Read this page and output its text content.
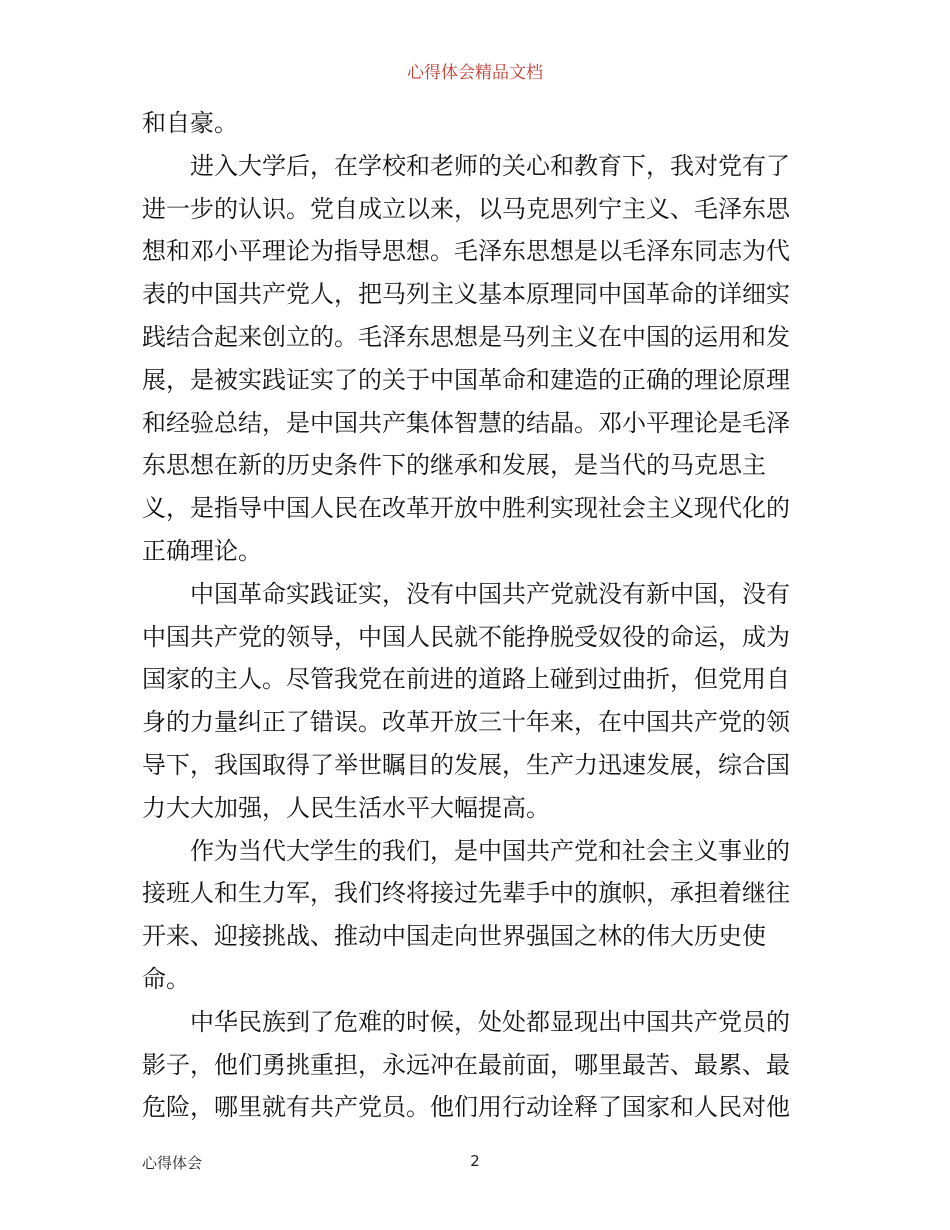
心得体会精品文档
和自豪。
　　进入大学后，在学校和老师的关心和教育下，我对党有了
进一步的认识。党自成立以来，以马克思列宁主义、毛泽东思
想和邓小平理论为指导思想。毛泽东思想是以毛泽东同志为代
表的中国共产党人，把马列主义基本原理同中国革命的详细实
践结合起来创立的。毛泽东思想是马列主义在中国的运用和发
展，是被实践证实了的关于中国革命和建造的正确的理论原理
和经验总结，是中国共产集体智慧的结晶。邓小平理论是毛泽
东思想在新的历史条件下的继承和发展，是当代的马克思主
义，是指导中国人民在改革开放中胜利实现社会主义现代化的
正确理论。
　　中国革命实践证实，没有中国共产党就没有新中国，没有
中国共产党的领导，中国人民就不能挣脱受奴役的命运，成为
国家的主人。尽管我党在前进的道路上碰到过曲折，但党用自
身的力量纠正了错误。改革开放三十年来，在中国共产党的领
导下，我国取得了举世瞩目的发展，生产力迅速发展，综合国
力大大加强，人民生活水平大幅提高。
　　作为当代大学生的我们，是中国共产党和社会主义事业的
接班人和生力军，我们终将接过先辈手中的旗帜，承担着继往
开来、迎接挑战、推动中国走向世界强国之林的伟大历史使
命。
　　中华民族到了危难的时候，处处都显现出中国共产党员的
影子，他们勇挑重担，永远冲在最前面，哪里最苦、最累、最
危险，哪里就有共产党员。他们用行动诠释了国家和人民对他
心得体会	2
